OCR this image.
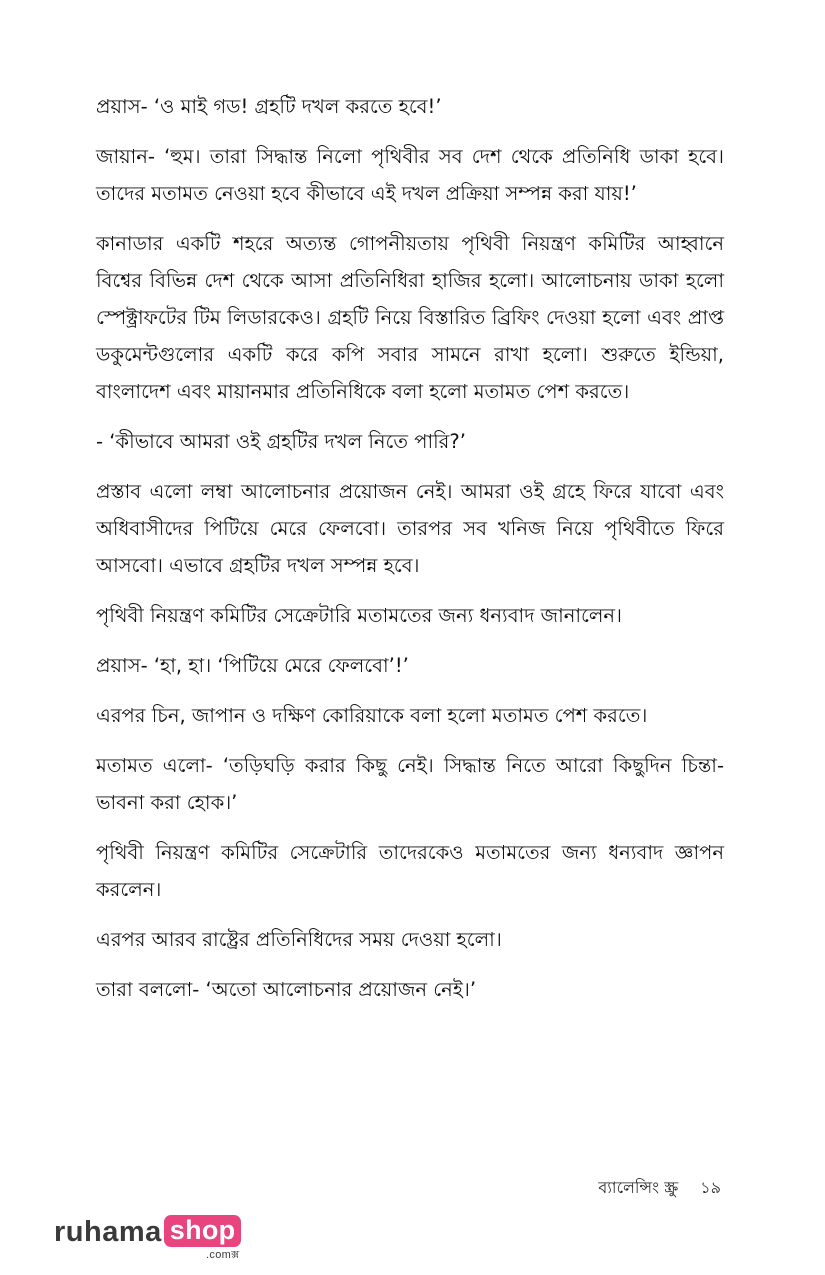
প্রয়াস- ‘ও মাই গড! গ্রহটি দখল করতে হবে!’

জায়ান- ‘হুম। তারা সিদ্ধান্ত নিলো পৃথিবীর সব দেশ থেকে প্রতিনিধি ডাকা হবে। তাদের মতামত নেওয়া হবে কীভাবে এই দখল প্রক্রিয়া সম্পন্ন করা যায়!’

কানাডার একটি শহরে অত্যন্ত গোপনীয়তায় পৃথিবী নিয়ন্ত্রণ কমিটির আহ্বানে বিশ্বের বিভিন্ন দেশ থেকে আসা প্রতিনিধিরা হাজির হলো। আলোচনায় ডাকা হলো স্পেক্ট্রাফটের টিম লিডারকেও। গ্রহটি নিয়ে বিস্তারিত ব্রিফিং দেওয়া হলো এবং প্রাপ্ত ডকুমেন্টগুলোর একটি করে কপি সবার সামনে রাখা হলো। শুরুতে ইন্ডিয়া, বাংলাদেশ এবং মায়ানমার প্রতিনিধিকে বলা হলো মতামত পেশ করতে।

- ‘কীভাবে আমরা ওই গ্রহটির দখল নিতে পারি?’

প্রস্তাব এলো লম্বা আলোচনার প্রয়োজন নেই। আমরা ওই গ্রহে ফিরে যাবো এবং অধিবাসীদের পিটিয়ে মেরে ফেলবো। তারপর সব খনিজ নিয়ে পৃথিবীতে ফিরে আসবো। এভাবে গ্রহটির দখল সম্পন্ন হবে।

পৃথিবী নিয়ন্ত্রণ কমিটির সেক্রেটারি মতামতের জন্য ধন্যবাদ জানালেন।

প্রয়াস- ‘হা, হা। ‘পিটিয়ে মেরে ফেলবো’!’

এরপর চিন, জাপান ও দক্ষিণ কোরিয়াকে বলা হলো মতামত পেশ করতে।

মতামত এলো- ‘তড়িঘড়ি করার কিছু নেই। সিদ্ধান্ত নিতে আরো কিছুদিন চিন্তা-ভাবনা করা হোক।’

পৃথিবী নিয়ন্ত্রণ কমিটির সেক্রেটারি তাদেরকেও মতামতের জন্য ধন্যবাদ জ্ঞাপন করলেন।

এরপর আরব রাষ্ট্রের প্রতিনিধিদের সময় দেওয়া হলো।

তারা বললো- ‘অতো আলোচনার প্রয়োজন নেই।’

ব্যালেন্সিং স্ক্রু ১৯
ruhama shop
.comক্স
